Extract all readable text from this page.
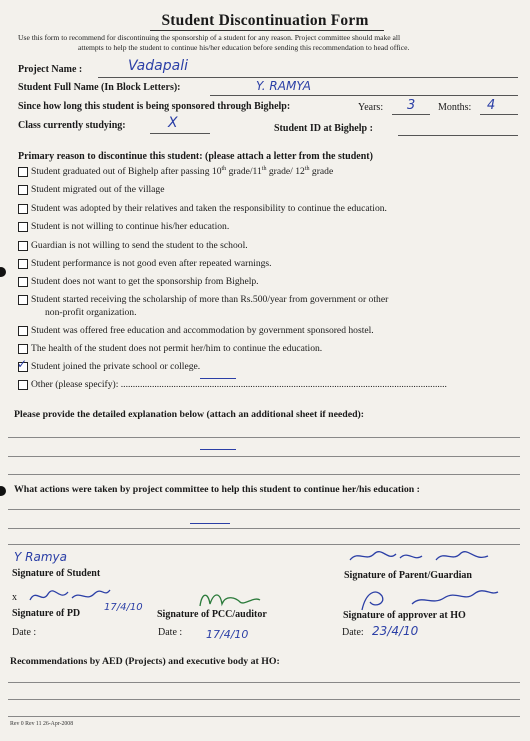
Student Discontinuation Form
Use this form to recommend for discontinuing the sponsorship of a student for any reason. Project committee should make all
attempts to help the student to continue his/her education before sending this recommendation to head office.
Project Name :	Vadapali
Student Full Name (In Block Letters):	Y. RAMYA
Since how long this student is being sponsored through Bighelp:	Years: 3 Months: 4
Class currently studying:	X	Student ID at Bighelp :
Primary reason to discontinue this student: (please attach a letter from the student)
Student graduated out of Bighelp after passing 10th grade/11th grade/ 12th grade
Student migrated out of the village
Student was adopted by their relatives and taken the responsibility to continue the education.
Student is not willing to continue his/her education.
Guardian is not willing to send the student to the school.
Student performance is not good even after repeated warnings.
Student does not want to get the sponsorship from Bighelp.
Student started receiving the scholarship of more than Rs.500/year from government or other
non-profit organization.
Student was offered free education and accommodation by government sponsored hostel.
The health of the student does not permit her/him to continue the education.
✓ Student joined the private school or college.
Other (please specify): ........................................................................................................................................
Please provide the detailed explanation below (attach an additional sheet if needed):
What actions were taken by project committee to help this student to continue her/his education :
Y Ramya
Signature of Student	Signature of Parent/Guardian
x
17/4/10
Signature of PD	Signature of PCC/auditor	Signature of approver at HO
Date :	Date : 17/4/10	Date: 23/4/10
Recommendations by AED (Projects) and executive body at HO:
Rev 0 Rev 11 26-Apr-2008
